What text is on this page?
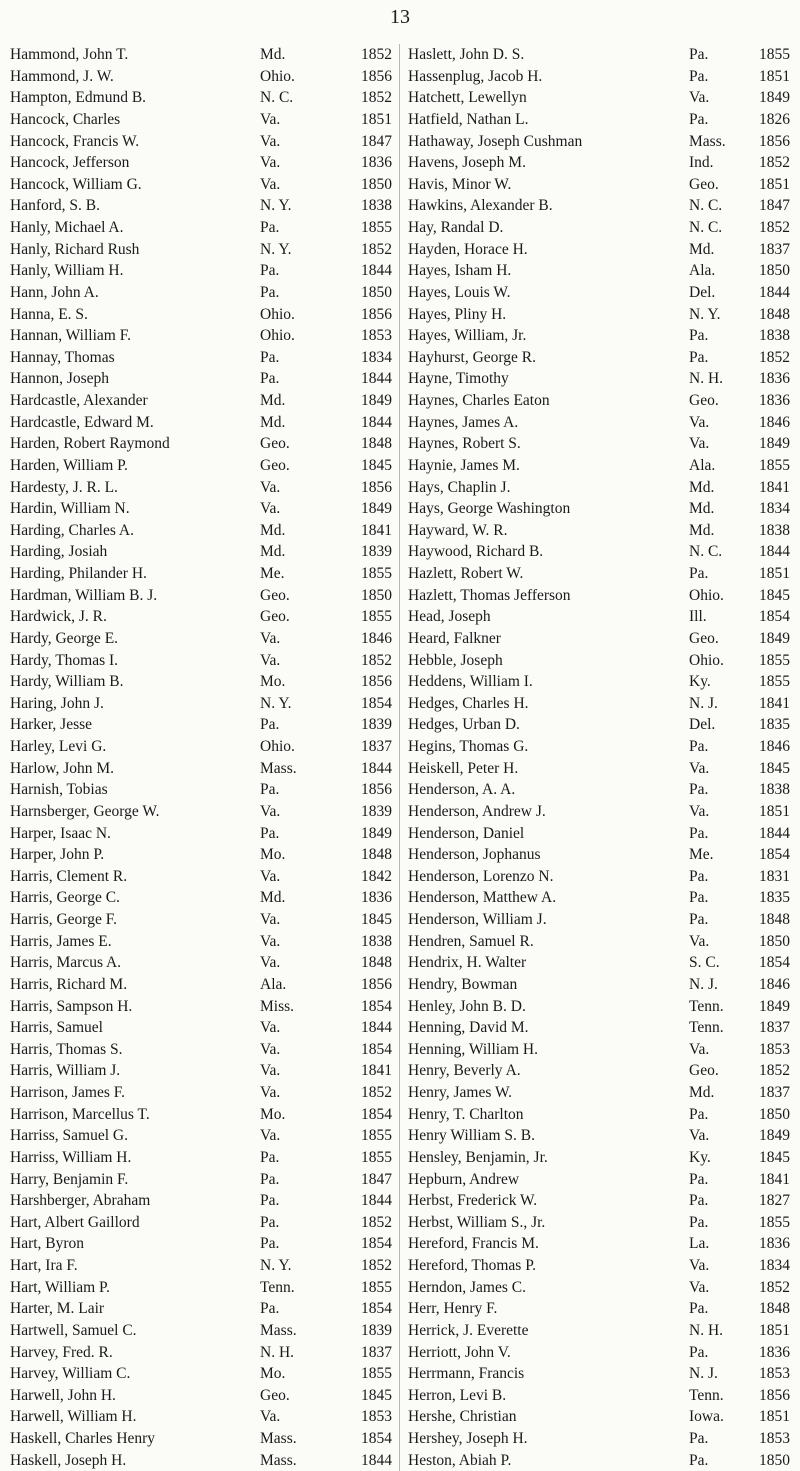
13
Hammond, John T.	Md.	1852
Hammond, J. W.	Ohio.	1856
Hampton, Edmund B.	N. C.	1852
Hancock, Charles	Va.	1851
Hancock, Francis W.	Va.	1847
Hancock, Jefferson	Va.	1836
Hancock, William G.	Va.	1850
Hanford, S. B.	N. Y.	1838
Hanly, Michael A.	Pa.	1855
Hanly, Richard Rush	N. Y.	1852
Hanly, William H.	Pa.	1844
Hann, John A.	Pa.	1850
Hanna, E. S.	Ohio.	1856
Hannan, William F.	Ohio.	1853
Hannay, Thomas	Pa.	1834
Hannon, Joseph	Pa.	1844
Hardcastle, Alexander	Md.	1849
Hardcastle, Edward M.	Md.	1844
Harden, Robert Raymond	Geo.	1848
Harden, William P.	Geo.	1845
Hardesty, J. R. L.	Va.	1856
Hardin, William N.	Va.	1849
Harding, Charles A.	Md.	1841
Harding, Josiah	Md.	1839
Harding, Philander H.	Me.	1855
Hardman, William B. J.	Geo.	1850
Hardwick, J. R.	Geo.	1855
Hardy, George E.	Va.	1846
Hardy, Thomas I.	Va.	1852
Hardy, William B.	Mo.	1856
Haring, John J.	N. Y.	1854
Harker, Jesse	Pa.	1839
Harley, Levi G.	Ohio.	1837
Harlow, John M.	Mass.	1844
Harnish, Tobias	Pa.	1856
Harnsberger, George W.	Va.	1839
Harper, Isaac N.	Pa.	1849
Harper, John P.	Mo.	1848
Harris, Clement R.	Va.	1842
Harris, George C.	Md.	1836
Harris, George F.	Va.	1845
Harris, James E.	Va.	1838
Harris, Marcus A.	Va.	1848
Harris, Richard M.	Ala.	1856
Harris, Sampson H.	Miss.	1854
Harris, Samuel	Va.	1844
Harris, Thomas S.	Va.	1854
Harris, William J.	Va.	1841
Harrison, James F.	Va.	1852
Harrison, Marcellus T.	Mo.	1854
Harriss, Samuel G.	Va.	1855
Harriss, William H.	Pa.	1855
Harry, Benjamin F.	Pa.	1847
Harshberger, Abraham	Pa.	1844
Hart, Albert Gaillord	Pa.	1852
Hart, Byron	Pa.	1854
Hart, Ira F.	N. Y.	1852
Hart, William P.	Tenn.	1855
Harter, M. Lair	Pa.	1854
Hartwell, Samuel C.	Mass.	1839
Harvey, Fred. R.	N. H.	1837
Harvey, William C.	Mo.	1855
Harwell, John H.	Geo.	1845
Harwell, William H.	Va.	1853
Haskell, Charles Henry	Mass.	1854
Haskell, Joseph H.	Mass.	1844
Haslett, John D. S.	Pa.	1855
Hassenplug, Jacob H.	Pa.	1851
Hatchett, Lewellyn	Va.	1849
Hatfield, Nathan L.	Pa.	1826
Hathaway, Joseph Cushman	Mass. 1856
Havens, Joseph M.	Ind.	1852
Havis, Minor W.	Geo.	1851
Hawkins, Alexander B.	N. C. 1847
Hay, Randal D.	N. C. 1852
Hayden, Horace H.	Md.	1837
Hayes, Isham H.	Ala.	1850
Hayes, Louis W.	Del.	1844
Hayes, Pliny H.	N. Y. 1848
Hayes, William, Jr.	Pa.	1838
Hayhurst, George R.	Pa.	1852
Hayne, Timothy	N. H. 1836
Haynes, Charles Eaton	Geo.	1836
Haynes, James A.	Va.	1846
Haynes, Robert S.	Va.	1849
Haynie, James M.	Ala.	1855
Hays, Chaplin J.	Md.	1841
Hays, George Washington	Md.	1834
Hayward, W. R.	Md.	1838
Haywood, Richard B.	N. C. 1844
Hazlett, Robert W.	Pa.	1851
Hazlett, Thomas Jefferson	Ohio. 1845
Head, Joseph	Ill.	1854
Heard, Falkner	Geo.	1849
Hebble, Joseph	Ohio. 1855
Heddens, William I.	Ky.	1855
Hedges, Charles H.	N. J.	1841
Hedges, Urban D.	Del.	1835
Hegins, Thomas G.	Pa.	1846
Heiskell, Peter H.	Va.	1845
Henderson, A. A.	Pa.	1838
Henderson, Andrew J.	Va.	1851
Henderson, Daniel	Pa.	1844
Henderson, Jophanus	Me.	1854
Henderson, Lorenzo N.	Pa.	1831
Henderson, Matthew A.	Pa.	1835
Henderson, William J.	Pa.	1848
Hendren, Samuel R.	Va.	1850
Hendrix, H. Walter	S. C.	1854
Hendry, Bowman	N. J.	1846
Henley, John B. D.	Tenn. 1849
Henning, David M.	Tenn. 1837
Henning, William H.	Va.	1853
Henry, Beverly A.	Geo.	1852
Henry, James W.	Md.	1837
Henry, T. Charlton	Pa.	1850
Henry William S. B.	Va.	1849
Hensley, Benjamin, Jr.	Ky.	1845
Hepburn, Andrew	Pa.	1841
Herbst, Frederick W.	Pa.	1827
Herbst, William S., Jr.	Pa.	1855
Hereford, Francis M.	La.	1836
Hereford, Thomas P.	Va.	1834
Herndon, James C.	Va.	1852
Herr, Henry F.	Pa.	1848
Herrick, J. Everette	N. H. 1851
Herriott, John V.	Pa.	1836
Herrmann, Francis	N. J.	1853
Herron, Levi B.	Tenn. 1856
Hershe, Christian	Iowa. 1851
Hershey, Joseph H.	Pa.	1853
Heston, Abiah P.	Pa.	1850
